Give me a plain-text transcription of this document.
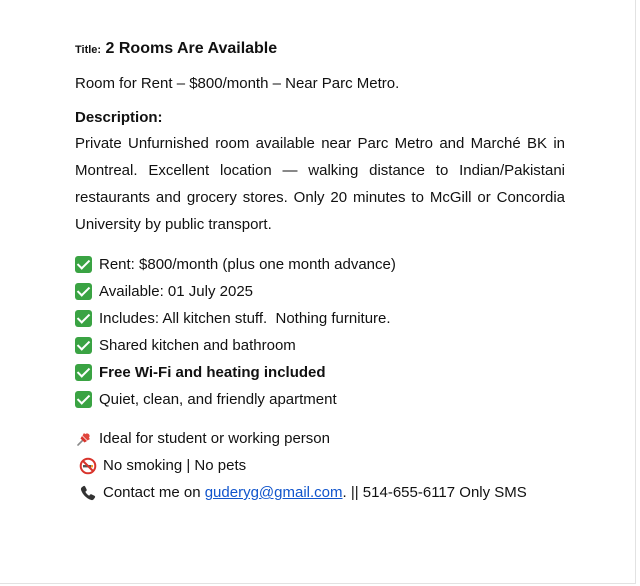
Title: 2 Rooms Are Available

Room for Rent – $800/month – Near Parc Metro.

Description:

Private Unfurnished room available near Parc Metro and Marché BK in Montreal. Excellent location — walking distance to Indian/Pakistani restaurants and grocery stores. Only 20 minutes to McGill or Concordia University by public transport.

Rent: $800/month (plus one month advance)
Available: 01 July 2025
Includes: All kitchen stuff.  Nothing furniture.
Shared kitchen and bathroom
Free Wi-Fi and heating included
Quiet, clean, and friendly apartment
Ideal for student or working person
No smoking | No pets
Contact me on guderyg@gmail.com . || 514-655-6117 Only SMS
